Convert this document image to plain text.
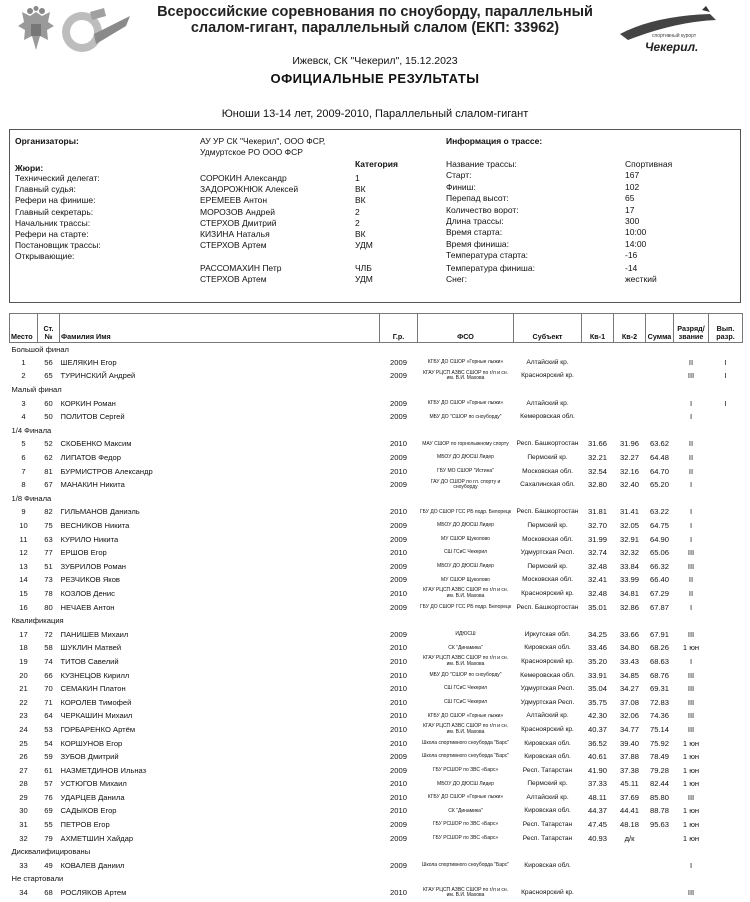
Всероссийские соревнования по сноуборду, параллельный слалом-гигант, параллельный слалом (ЕКП: 33962)
Ижевск, СК "Чекерил", 15.12.2023
ОФИЦИАЛЬНЫЕ РЕЗУЛЬТАТЫ
Юноши 13-14 лет, 2009-2010, Параллельный слалом-гигант
спортивный курорт
Чекерил.
Организаторы:	АУ УР СК "Чекерил", ООО ФСР,
Удмуртское РО ООО ФСР
Информация о трассе:
Жюри:	Категория
Технический делегат:	СОРОКИН Александр	1
Главный судья:	ЗАДОРОЖНЮК Алексей	ВК
Рефери на финише:	ЕРЕМЕЕВ Антон	ВК
Главный секретарь:	МОРОЗОВ Андрей	2
Начальник трассы:	СТЕРХОВ Дмитрий	2
Рефери на старте:	КИЗИНА Наталья	ВК
Постановщик трассы:	СТЕРХОВ Артем	УДМ
Открывающие:
РАССОМАХИН Петр	ЧЛБ
СТЕРХОВ Артем	УДМ
Название трассы:	Спортивная
Старт:	167
Финиш:	102
Перепад высот:	65
Количество ворот:	17
Длина трассы:	300
Время старта:	10:00
Время финиша:	14:00
Температура старта:	-16
Температура финиша:	-14
Снег:	жесткий
Место	Ст.
№	Фамилия Имя	Г.р.	ФСО	Субъект	Кв-1	Кв-2	Сумма	Разряд/
звание	Вып.
разр.
Большой финал										
1	56	ШЕЛЯКИН Егор	2009	КГБУ ДО СШОР «Горные лыжи»	Алтайский кр.				II	I
2	65	ТУРИНСКИЙ Андрей	2009	КГАУ РЦСП АЗВС СШОР по г/л и сн. им. В.И. Махова	Красноярский кр.				III	I
Малый финал										
3	60	КОРКИН Роман	2009	КГБУ ДО СШОР «Горные лыжи»	Алтайский кр.				I	I
4	50	ПОЛИТОВ Сергей	2009	МБУ ДО "СШОР по сноуборду"	Кемеровская обл.				I	
1/4 Финала										
5	52	СКОБЕНКО Максим	2010	МАУ СШОР по горнолыжному спорту	Респ. Башкортостан	31.66	31.96	63.62	II	
6	62	ЛИПАТОВ Федор	2009	МБОУ ДО ДЮСШ Лидер	Пермский кр.	32.21	32.27	64.48	II	
7	81	БУРМИСТРОВ Александр	2010	ГБУ МО СШОР "Истина"	Московская обл.	32.54	32.16	64.70	II	
8	67	МАНАКИН Никита	2009	ГАУ ДО СШОР по гл. спорту и сноуборду	Сахалинская обл.	32.80	32.40	65.20	I	
1/8 Финала										
9	82	ГИЛЬМАНОВ Даниэль	2010	ГБУ ДО СШОР ГСС РБ подр. Белорецк	Респ. Башкортостан	31.81	31.41	63.22	I	
10	75	ВЕСНИКОВ Никита	2009	МБОУ ДО ДЮСШ Лидер	Пермский кр.	32.70	32.05	64.75	I	
11	63	КУРИЛО Никита	2009	МУ СШОР Щуколово	Московская обл.	31.99	32.91	64.90	I	
12	77	ЕРШОВ Егор	2010	СШ ГСиС Чекерил	Удмуртская Респ.	32.74	32.32	65.06	III	
13	51	ЗУБРИЛОВ Роман	2009	МБОУ ДО ДЮСШ Лидер	Пермский кр.	32.48	33.84	66.32	III	
14	73	РЕЗЧИКОВ Яков	2009	МУ СШОР Щуколово	Московская обл.	32.41	33.99	66.40	II	
15	78	КОЗЛОВ Денис	2010	КГАУ РЦСП АЗВС СШОР по г/л и сн. им. В.И. Махова	Красноярский кр.	32.48	34.81	67.29	II	
16	80	НЕЧАЕВ Антон	2009	ГБУ ДО СШОР ГСС РБ подр. Белорецк	Респ. Башкортостан	35.01	32.86	67.87	I	
Квалификация										
17	72	ПАНИШЕВ Михаил	2009	ИДЮСШ	Иркутская обл.	34.25	33.66	67.91	III	
18	58	ШУКЛИН Матвей	2010	СК "Динамика"	Кировская обл.	33.46	34.80	68.26	1 юн	
19	74	ТИТОВ Савелий	2010	КГАУ РЦСП АЗВС СШОР по г/л и сн. им. В.И. Махова	Красноярский кр.	35.20	33.43	68.63	I	
20	66	КУЗНЕЦОВ Кирилл	2010	МБУ ДО "СШОР по сноуборду"	Кемеровская обл.	33.91	34.85	68.76	III	
21	70	СЕМАКИН Платон	2010	СШ ГСиС Чекерил	Удмуртская Респ.	35.04	34.27	69.31	III	
22	71	КОРОЛЕВ Тимофей	2010	СШ ГСиС Чекерил	Удмуртская Респ.	35.75	37.08	72.83	III	
23	64	ЧЕРКАШИН Михаил	2010	КГБУ ДО СШОР «Горные лыжи»	Алтайский кр.	42.30	32.06	74.36	III	
24	53	ГОРБАРЕНКО Артём	2010	КГАУ РЦСП АЗВС СШОР по г/л и сн. им. В.И. Махова	Красноярский кр.	40.37	34.77	75.14	III	
25	54	КОРШУНОВ Егор	2010	Школа спортивного сноуборда "Барс"	Кировская обл.	36.52	39.40	75.92	1 юн	
26	59	ЗУБОВ Дмитрий	2009	Школа спортивного сноуборда "Барс"	Кировская обл.	40.61	37.88	78.49	1 юн	
27	61	НАЗМЕТДИНОВ Ильназ	2009	ГБУ РСШОР по ЗВС «Барс»	Респ. Татарстан	41.90	37.38	79.28	1 юн	
28	57	УСТЮГОВ Михаил	2010	МБОУ ДО ДЮСШ Лидер	Пермский кр.	37.33	45.11	82.44	1 юн	
29	76	УДАРЦЕВ Данила	2010	КГБУ ДО СШОР «Горные лыжи»	Алтайский кр.	48.11	37.69	85.80	III	
30	69	САДЫКОВ Егор	2010	СК "Динамика"	Кировская обл.	44.37	44.41	88.78	1 юн	
31	55	ПЕТРОВ Егор	2009	ГБУ РСШОР по ЗВС «Барс»	Респ. Татарстан	47.45	48.18	95.63	1 юн	
32	79	АХМЕТШИН Хайдар	2009	ГБУ РСШОР по ЗВС «Барс»	Респ. Татарстан	40.93	д/к		1 юн	
Дисквалифицированы										
33	49	КОВАЛЕВ Даниил	2009	Школа спортивного сноуборда "Барс"	Кировская обл.				I	
Не стартовали										
34	68	РОСЛЯКОВ Артем	2010	КГАУ РЦСП АЗВС СШОР по г/л и сн. им. В.И. Махова	Красноярский кр.				III	
